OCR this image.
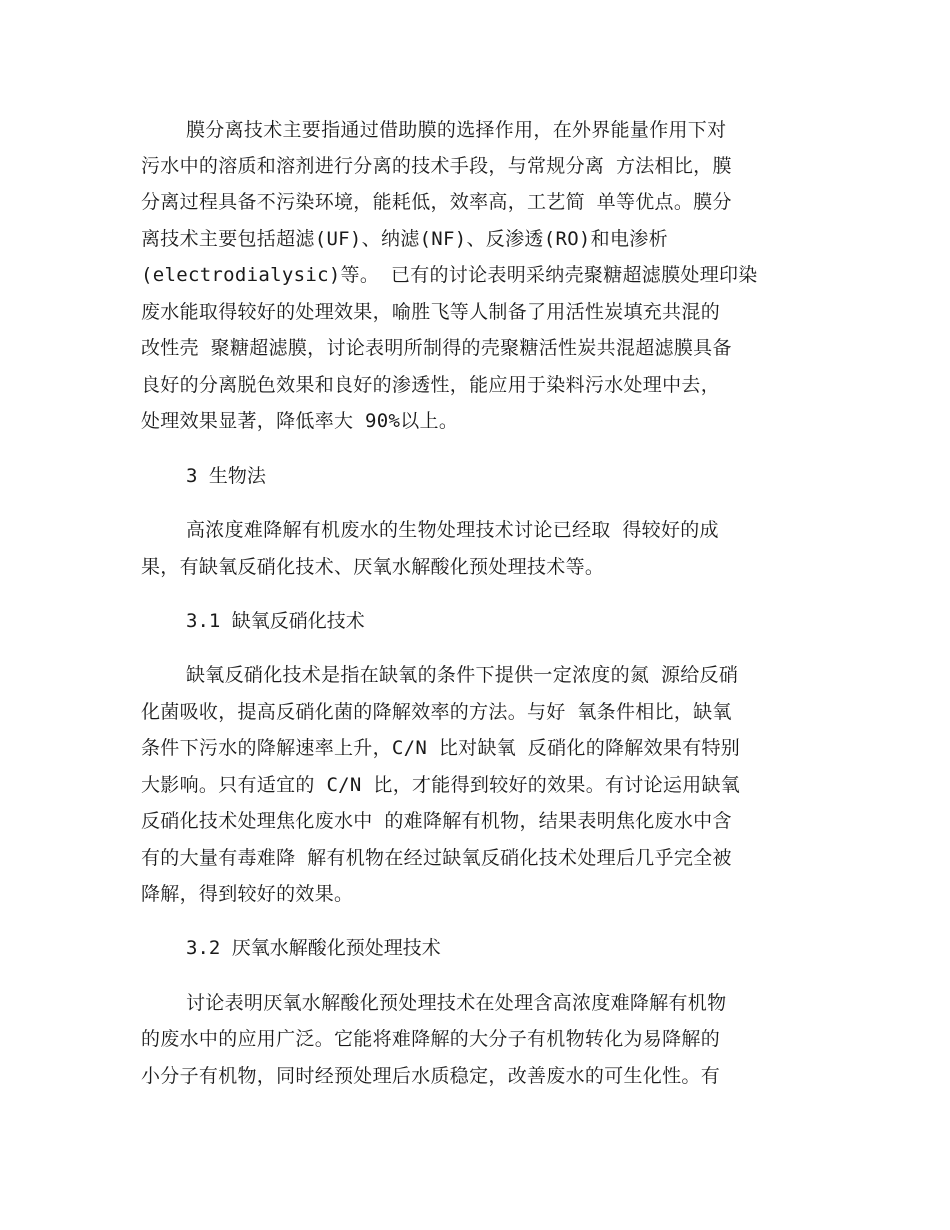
膜分离技术主要指通过借助膜的选择作用，在外界能量作用下对

污水中的溶质和溶剂进行分离的技术手段，与常规分离 方法相比，膜

分离过程具备不污染环境，能耗低，效率高，工艺简 单等优点。膜分

离技术主要包括超滤(UF)、纳滤(NF)、反渗透(RO)和电渗析

(electrodialysic)等。 已有的讨论表明采纳壳聚糖超滤膜处理印染

废水能取得较好的处理效果，喻胜飞等人制备了用活性炭填充共混的

改性壳 聚糖超滤膜，讨论表明所制得的壳聚糖活性炭共混超滤膜具备

良好的分离脱色效果和良好的渗透性，能应用于染料污水处理中去，

处理效果显著，降低率大 90%以上。

3 生物法

高浓度难降解有机废水的生物处理技术讨论已经取 得较好的成

果，有缺氧反硝化技术、厌氧水解酸化预处理技术等。

3.1 缺氧反硝化技术

缺氧反硝化技术是指在缺氧的条件下提供一定浓度的氮 源给反硝

化菌吸收，提高反硝化菌的降解效率的方法。与好 氧条件相比，缺氧

条件下污水的降解速率上升，C/N 比对缺氧 反硝化的降解效果有特别

大影响。只有适宜的 C/N 比，才能得到较好的效果。有讨论运用缺氧

反硝化技术处理焦化废水中 的难降解有机物，结果表明焦化废水中含

有的大量有毒难降 解有机物在经过缺氧反硝化技术处理后几乎完全被

降解，得到较好的效果。

3.2 厌氧水解酸化预处理技术

讨论表明厌氧水解酸化预处理技术在处理含高浓度难降解有机物

的废水中的应用广泛。它能将难降解的大分子有机物转化为易降解的

小分子有机物，同时经预处理后水质稳定，改善废水的可生化性。有
